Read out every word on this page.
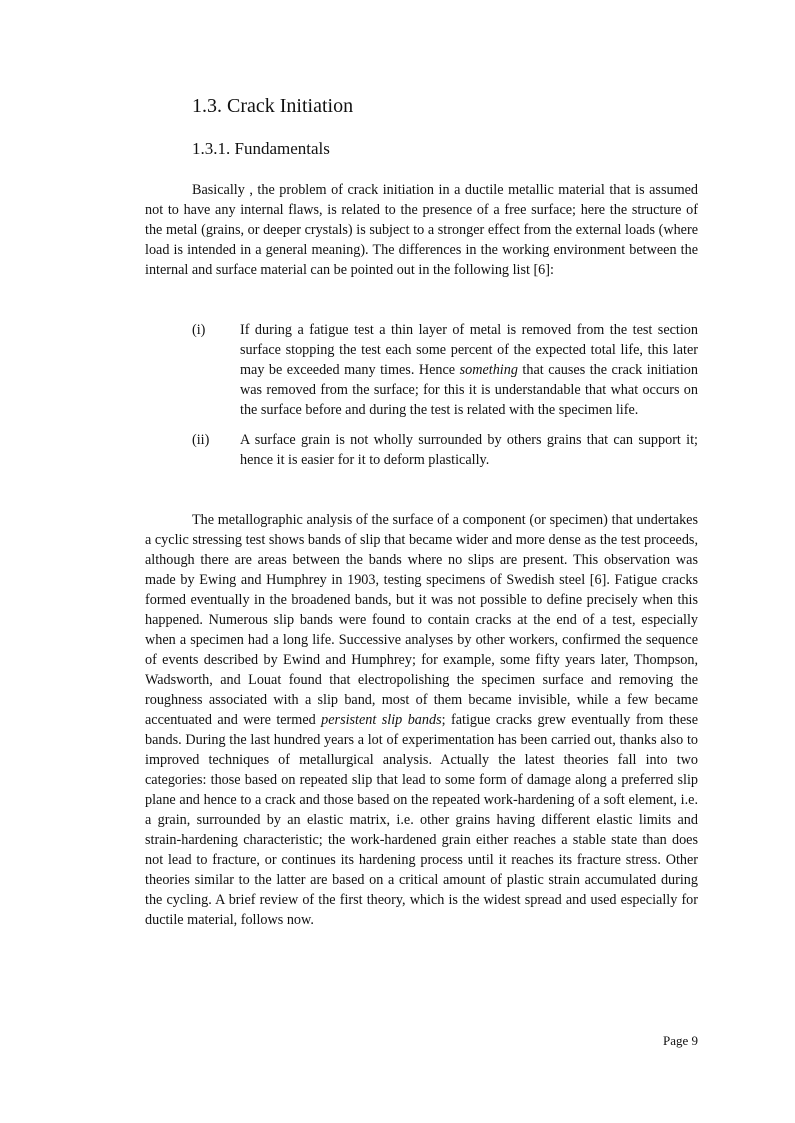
1.3. Crack Initiation
1.3.1. Fundamentals

Basically , the problem of crack initiation in a ductile metallic material that is assumed not to have any internal flaws, is related to the presence of a free surface; here the structure of the metal (grains, or deeper crystals) is subject to a stronger effect from the external loads (where load is intended in a general meaning). The differences in the working environment between the internal and surface material can be pointed out in the following list [6]:

(i) If during a fatigue test a thin layer of metal is removed from the test section surface stopping the test each some percent of the expected total life, this later may be exceeded many times. Hence something that causes the crack initiation was removed from the surface; for this it is understandable that what occurs on the surface before and during the test is related with the specimen life.
(ii) A surface grain is not wholly surrounded by others grains that can support it; hence it is easier for it to deform plastically.

The metallographic analysis of the surface of a component (or specimen) that undertakes a cyclic stressing test shows bands of slip that became wider and more dense as the test proceeds, although there are areas between the bands where no slips are present. This observation was made by Ewing and Humphrey in 1903, testing specimens of Swedish steel [6]. Fatigue cracks formed eventually in the broadened bands, but it was not possible to define precisely when this happened. Numerous slip bands were found to contain cracks at the end of a test, especially when a specimen had a long life. Successive analyses by other workers, confirmed the sequence of events described by Ewind and Humphrey; for example, some fifty years later, Thompson, Wadsworth, and Louat found that electropolishing the specimen surface and removing the roughness associated with a slip band, most of them became invisible, while a few became accentuated and were termed persistent slip bands; fatigue cracks grew eventually from these bands. During the last hundred years a lot of experimentation has been carried out, thanks also to improved techniques of metallurgical analysis. Actually the latest theories fall into two categories: those based on repeated slip that lead to some form of damage along a preferred slip plane and hence to a crack and those based on the repeated work-hardening of a soft element, i.e. a grain, surrounded by an elastic matrix, i.e. other grains having different elastic limits and strain-hardening characteristic; the work-hardened grain either reaches a stable state than does not lead to fracture, or continues its hardening process until it reaches its fracture stress. Other theories similar to the latter are based on a critical amount of plastic strain accumulated during the cycling. A brief review of the first theory, which is the widest spread and used especially for ductile material, follows now.

Page 9
